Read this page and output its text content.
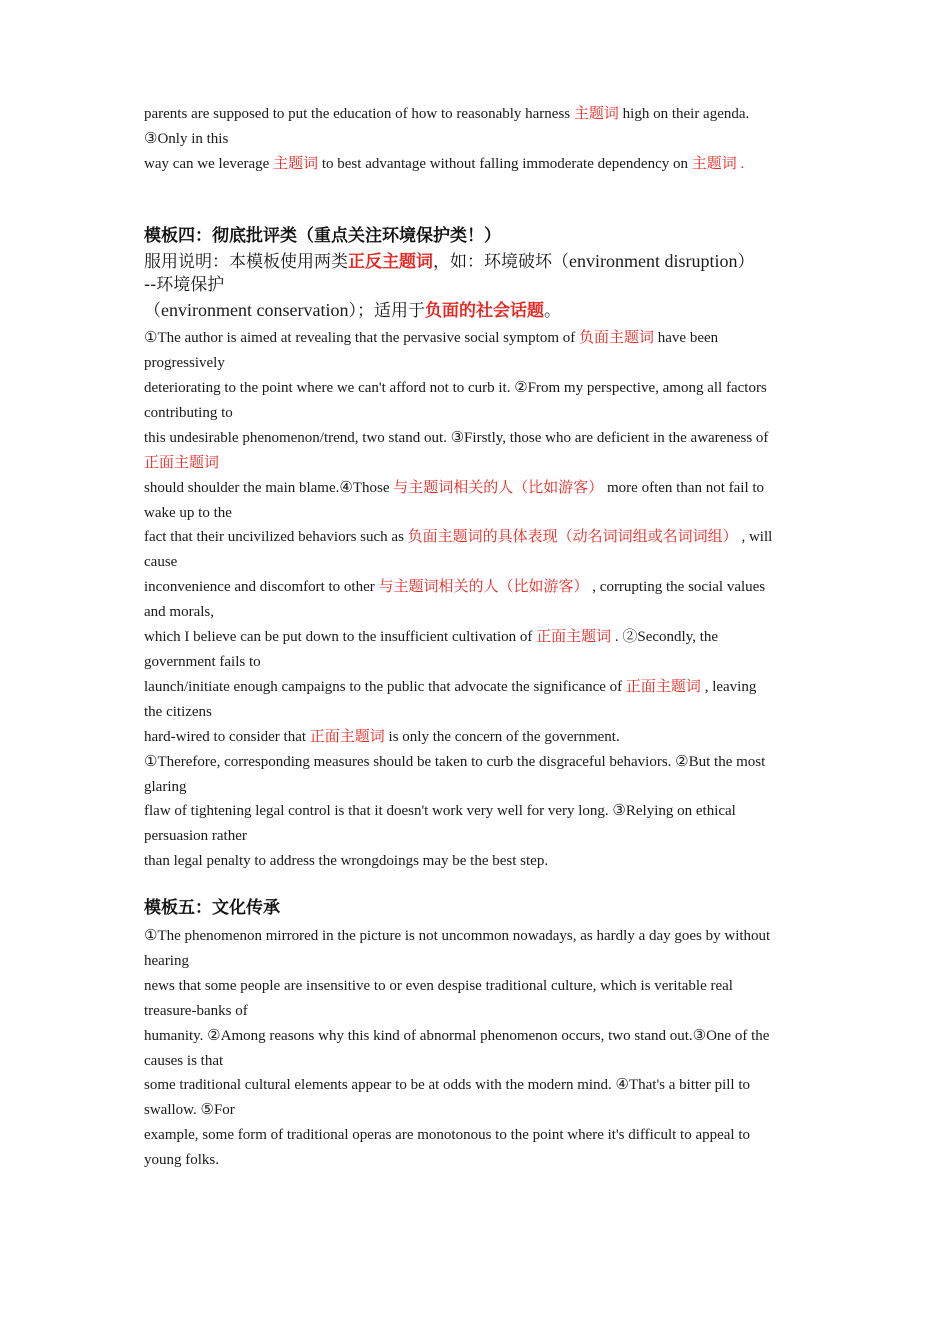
parents are supposed to put the education of how to reasonably harness 主题词 high on their agenda.
③Only in this
way can we leverage 主题词 to best advantage without falling immoderate dependency on 主题词 .
模板四：彻底批评类（重点关注环境保护类！）
服用说明：本模板使用两类正反主题词，如：环境破坏（environment disruption）
--环境保护
（environment conservation）；适用于负面的社会话题。
①The author is aimed at revealing that the pervasive social symptom of 负面主题词 have been
progressively
deteriorating to the point where we can't afford not to curb it. ②From my perspective, among all factors
contributing to
this undesirable phenomenon/trend, two stand out. ③Firstly, those who are deficient in the awareness of
正面主题词
should shoulder the main blame.④Those 与主题词相关的人（比如游客） more often than not fail to
wake up to the
fact that their uncivilized behaviors such as 负面主题词的具体表现（动名词词组或名词词组） , will
cause
inconvenience and discomfort to other 与主题词相关的人（比如游客） , corrupting the social values
and morals,
which I believe can be put down to the insufficient cultivation of 正面主题词 . ②Secondly, the
government fails to
launch/initiate enough campaigns to the public that advocate the significance of 正面主题词 , leaving
the citizens
hard-wired to consider that 正面主题词 is only the concern of the government.
①Therefore, corresponding measures should be taken to curb the disgraceful behaviors. ②But the most
glaring
flaw of tightening legal control is that it doesn't work very well for very long. ③Relying on ethical
persuasion rather
than legal penalty to address the wrongdoings may be the best step.
模板五：文化传承
①The phenomenon mirrored in the picture is not uncommon nowadays, as hardly a day goes by without
hearing
news that some people are insensitive to or even despise traditional culture, which is veritable real
treasure-banks of
humanity. ②Among reasons why this kind of abnormal phenomenon occurs, two stand out.③One of the
causes is that
some traditional cultural elements appear to be at odds with the modern mind. ④That's a bitter pill to
swallow. ⑤For
example, some form of traditional operas are monotonous to the point where it's difficult to appeal to
young folks.
